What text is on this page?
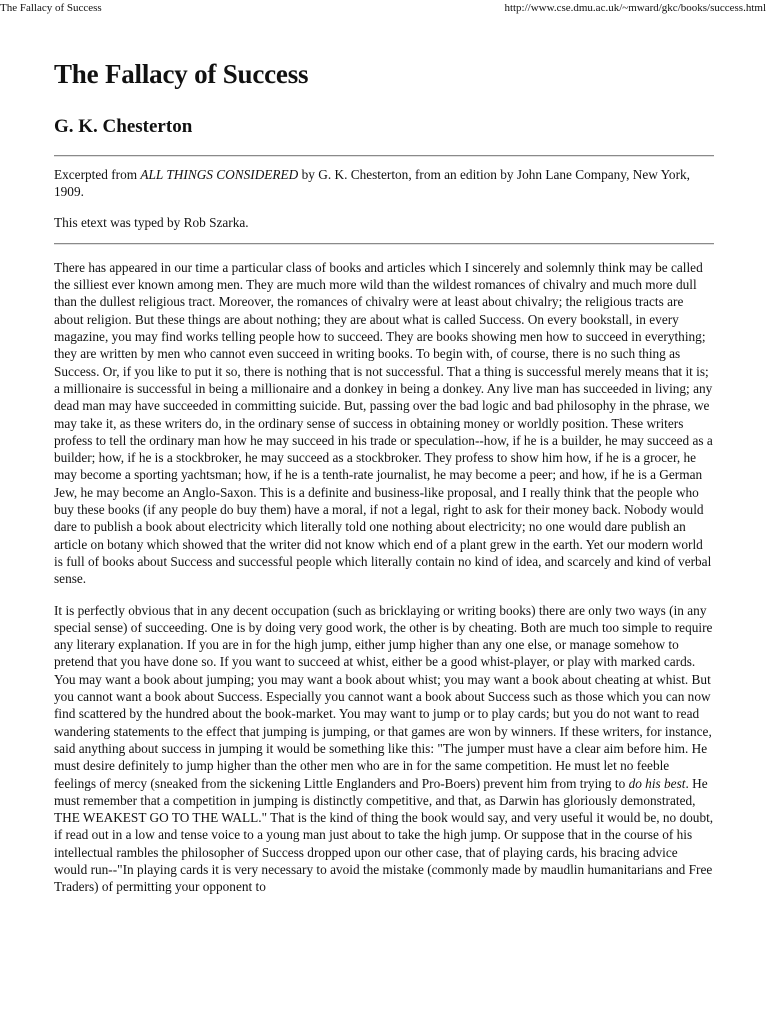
The Fallacy of Success	http://www.cse.dmu.ac.uk/~mward/gkc/books/success.html
The Fallacy of Success
G. K. Chesterton

Excerpted from ALL THINGS CONSIDERED by G. K. Chesterton, from an edition by John Lane Company, New York, 1909.

This etext was typed by Rob Szarka.

There has appeared in our time a particular class of books and articles which I sincerely and solemnly think may be called the silliest ever known among men. They are much more wild than the wildest romances of chivalry and much more dull than the dullest religious tract. Moreover, the romances of chivalry were at least about chivalry; the religious tracts are about religion. But these things are about nothing; they are about what is called Success. On every bookstall, in every magazine, you may find works telling people how to succeed. They are books showing men how to succeed in everything; they are written by men who cannot even succeed in writing books. To begin with, of course, there is no such thing as Success. Or, if you like to put it so, there is nothing that is not successful. That a thing is successful merely means that it is; a millionaire is successful in being a millionaire and a donkey in being a donkey. Any live man has succeeded in living; any dead man may have succeeded in committing suicide. But, passing over the bad logic and bad philosophy in the phrase, we may take it, as these writers do, in the ordinary sense of success in obtaining money or worldly position. These writers profess to tell the ordinary man how he may succeed in his trade or speculation--how, if he is a builder, he may succeed as a builder; how, if he is a stockbroker, he may succeed as a stockbroker. They profess to show him how, if he is a grocer, he may become a sporting yachtsman; how, if he is a tenth-rate journalist, he may become a peer; and how, if he is a German Jew, he may become an Anglo-Saxon. This is a definite and business-like proposal, and I really think that the people who buy these books (if any people do buy them) have a moral, if not a legal, right to ask for their money back. Nobody would dare to publish a book about electricity which literally told one nothing about electricity; no one would dare publish an article on botany which showed that the writer did not know which end of a plant grew in the earth. Yet our modern world is full of books about Success and successful people which literally contain no kind of idea, and scarcely and kind of verbal sense.

It is perfectly obvious that in any decent occupation (such as bricklaying or writing books) there are only two ways (in any special sense) of succeeding. One is by doing very good work, the other is by cheating. Both are much too simple to require any literary explanation. If you are in for the high jump, either jump higher than any one else, or manage somehow to pretend that you have done so. If you want to succeed at whist, either be a good whist-player, or play with marked cards. You may want a book about jumping; you may want a book about whist; you may want a book about cheating at whist. But you cannot want a book about Success. Especially you cannot want a book about Success such as those which you can now find scattered by the hundred about the book-market. You may want to jump or to play cards; but you do not want to read wandering statements to the effect that jumping is jumping, or that games are won by winners. If these writers, for instance, said anything about success in jumping it would be something like this: "The jumper must have a clear aim before him. He must desire definitely to jump higher than the other men who are in for the same competition. He must let no feeble feelings of mercy (sneaked from the sickening Little Englanders and Pro-Boers) prevent him from trying to do his best. He must remember that a competition in jumping is distinctly competitive, and that, as Darwin has gloriously demonstrated, THE WEAKEST GO TO THE WALL." That is the kind of thing the book would say, and very useful it would be, no doubt, if read out in a low and tense voice to a young man just about to take the high jump. Or suppose that in the course of his intellectual rambles the philosopher of Success dropped upon our other case, that of playing cards, his bracing advice would run--"In playing cards it is very necessary to avoid the mistake (commonly made by maudlin humanitarians and Free Traders) of permitting your opponent to
